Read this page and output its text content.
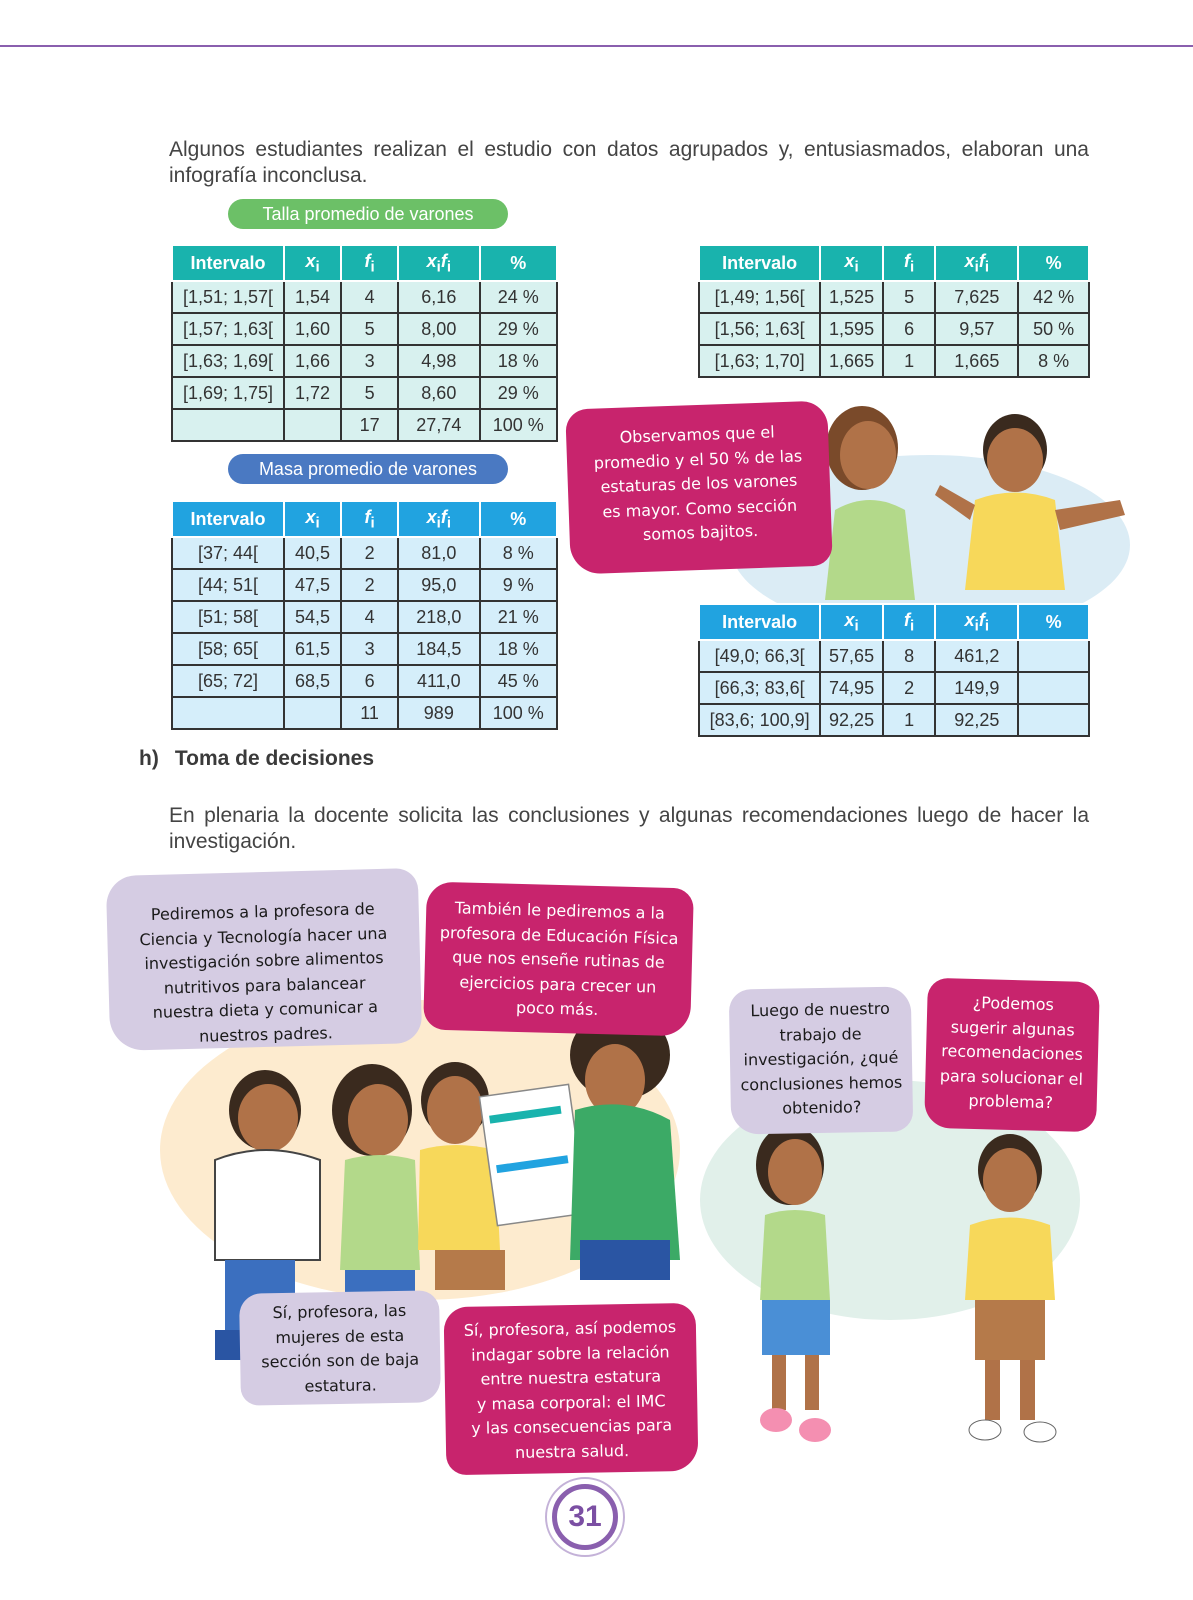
Algunos estudiantes realizan el estudio con datos agrupados y, entusiasmados, elaboran una
infografía inconclusa.
Talla promedio de varones
Intervalo	$x_i$	$f_i$	$x_if_i$	%
[1,51; 1,57[	1,54	4	6,16	24 %
[1,57; 1,63[	1,60	5	8,00	29 %
[1,63; 1,69[	1,66	3	4,98	18 %
[1,69; 1,75]	1,72	5	8,60	29 %
		17	27,74	100 %
Masa promedio de varones
Intervalo	$x_i$	$f_i$	$x_if_i$	%
[37; 44[	40,5	2	81,0	8 %
[44; 51[	47,5	2	95,0	9 %
[51; 58[	54,5	4	218,0	21 %
[58; 65[	61,5	3	184,5	18 %
[65; 72]	68,5	6	411,0	45 %
		11	989	100 %
Intervalo	$x_i$	$f_i$	$x_if_i$	%
[1,49; 1,56[	1,525	5	7,625	42 %
[1,56; 1,63[	1,595	6	9,57	50 %
[1,63; 1,70]	1,665	1	1,665	8 %
Intervalo	$x_i$	$f_i$	$x_if_i$	%
[49,0; 66,3[	57,65	8	461,2	
[66,3; 83,6[	74,95	2	149,9	
[83,6; 100,9]	92,25	1	92,25	
Observamos que el
promedio y el 50 % de las
estaturas de los varones
es mayor. Como sección
somos bajitos.
h) Toma de decisiones
En plenaria la docente solicita las conclusiones y algunas recomendaciones luego de hacer la
investigación.
Pediremos a la profesora de
Ciencia y Tecnología hacer una
investigación sobre alimentos
nutritivos para balancear
nuestra dieta y comunicar a
nuestros padres.
También le pediremos a la
profesora de Educación Física
que nos enseñe rutinas de
ejercicios para crecer un
poco más.	Luego de nuestro
trabajo de
investigación, ¿qué
conclusiones hemos
obtenido?
¿Podemos
sugerir algunas
recomendaciones
para solucionar el
problema?
Sí, profesora, las
mujeres de esta
sección son de baja
estatura.
Sí, profesora, así podemos
indagar sobre la relación
entre nuestra estatura
y masa corporal: el IMC
y las consecuencias para
nuestra salud.
31
